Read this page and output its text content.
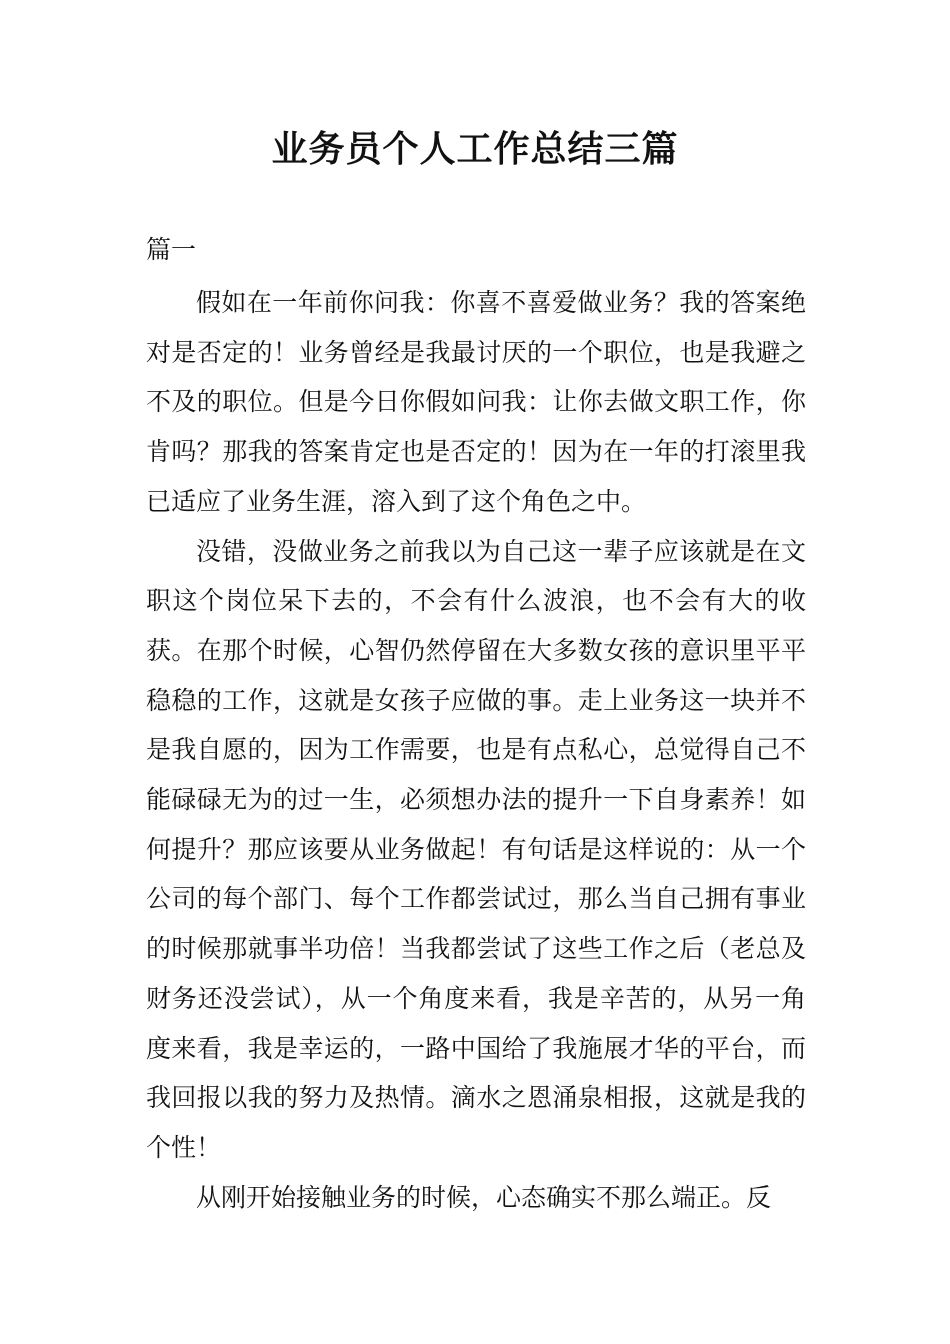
业务员个人工作总结三篇

篇一

假如在一年前你问我：你喜不喜爱做业务？我的答案绝对是否定的！业务曾经是我最讨厌的一个职位，也是我避之不及的职位。但是今日你假如问我：让你去做文职工作，你肯吗？那我的答案肯定也是否定的！因为在一年的打滚里我已适应了业务生涯，溶入到了这个角色之中。

没错，没做业务之前我以为自己这一辈子应该就是在文职这个岗位呆下去的，不会有什么波浪，也不会有大的收获。在那个时候，心智仍然停留在大多数女孩的意识里平平稳稳的工作，这就是女孩子应做的事。走上业务这一块并不是我自愿的，因为工作需要，也是有点私心，总觉得自己不能碌碌无为的过一生，必须想办法的提升一下自身素养！如何提升？那应该要从业务做起！有句话是这样说的：从一个公司的每个部门、每个工作都尝试过，那么当自己拥有事业的时候那就事半功倍！当我都尝试了这些工作之后（老总及财务还没尝试），从一个角度来看，我是辛苦的，从另一角度来看，我是幸运的，一路中国给了我施展才华的平台，而我回报以我的努力及热情。滴水之恩涌泉相报，这就是我的个性！

从刚开始接触业务的时候，心态确实不那么端正。反
